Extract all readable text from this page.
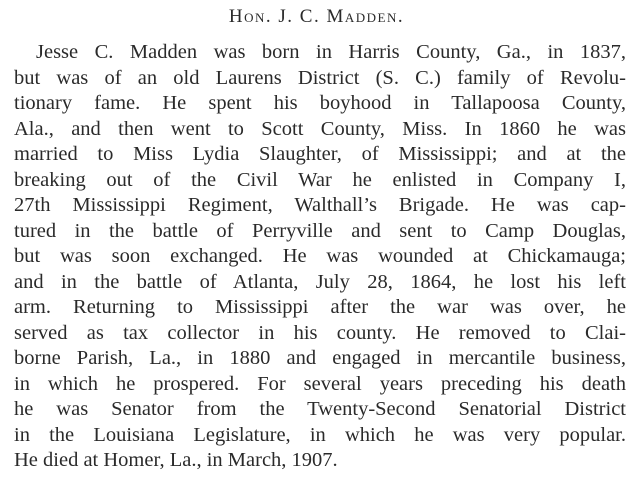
Hon. J. C. Madden.
Jesse C. Madden was born in Harris County, Ga., in 1837,
but was of an old Laurens District (S. C.) family of Revolu-
tionary fame. He spent his boyhood in Tallapoosa County,
Ala., and then went to Scott County, Miss. In 1860 he was
married to Miss Lydia Slaughter, of Mississippi; and at the
breaking out of the Civil War he enlisted in Company I,
27th Mississippi Regiment, Walthall’s Brigade. He was cap-
tured in the battle of Perryville and sent to Camp Douglas,
but was soon exchanged. He was wounded at Chickamauga;
and in the battle of Atlanta, July 28, 1864, he lost his left
arm. Returning to Mississippi after the war was over, he
served as tax collector in his county. He removed to Clai-
borne Parish, La., in 1880 and engaged in mercantile business,
in which he prospered. For several years preceding his death
he was Senator from the Twenty-Second Senatorial District
in the Louisiana Legislature, in which he was very popular.
He died at Homer, La., in March, 1907.
